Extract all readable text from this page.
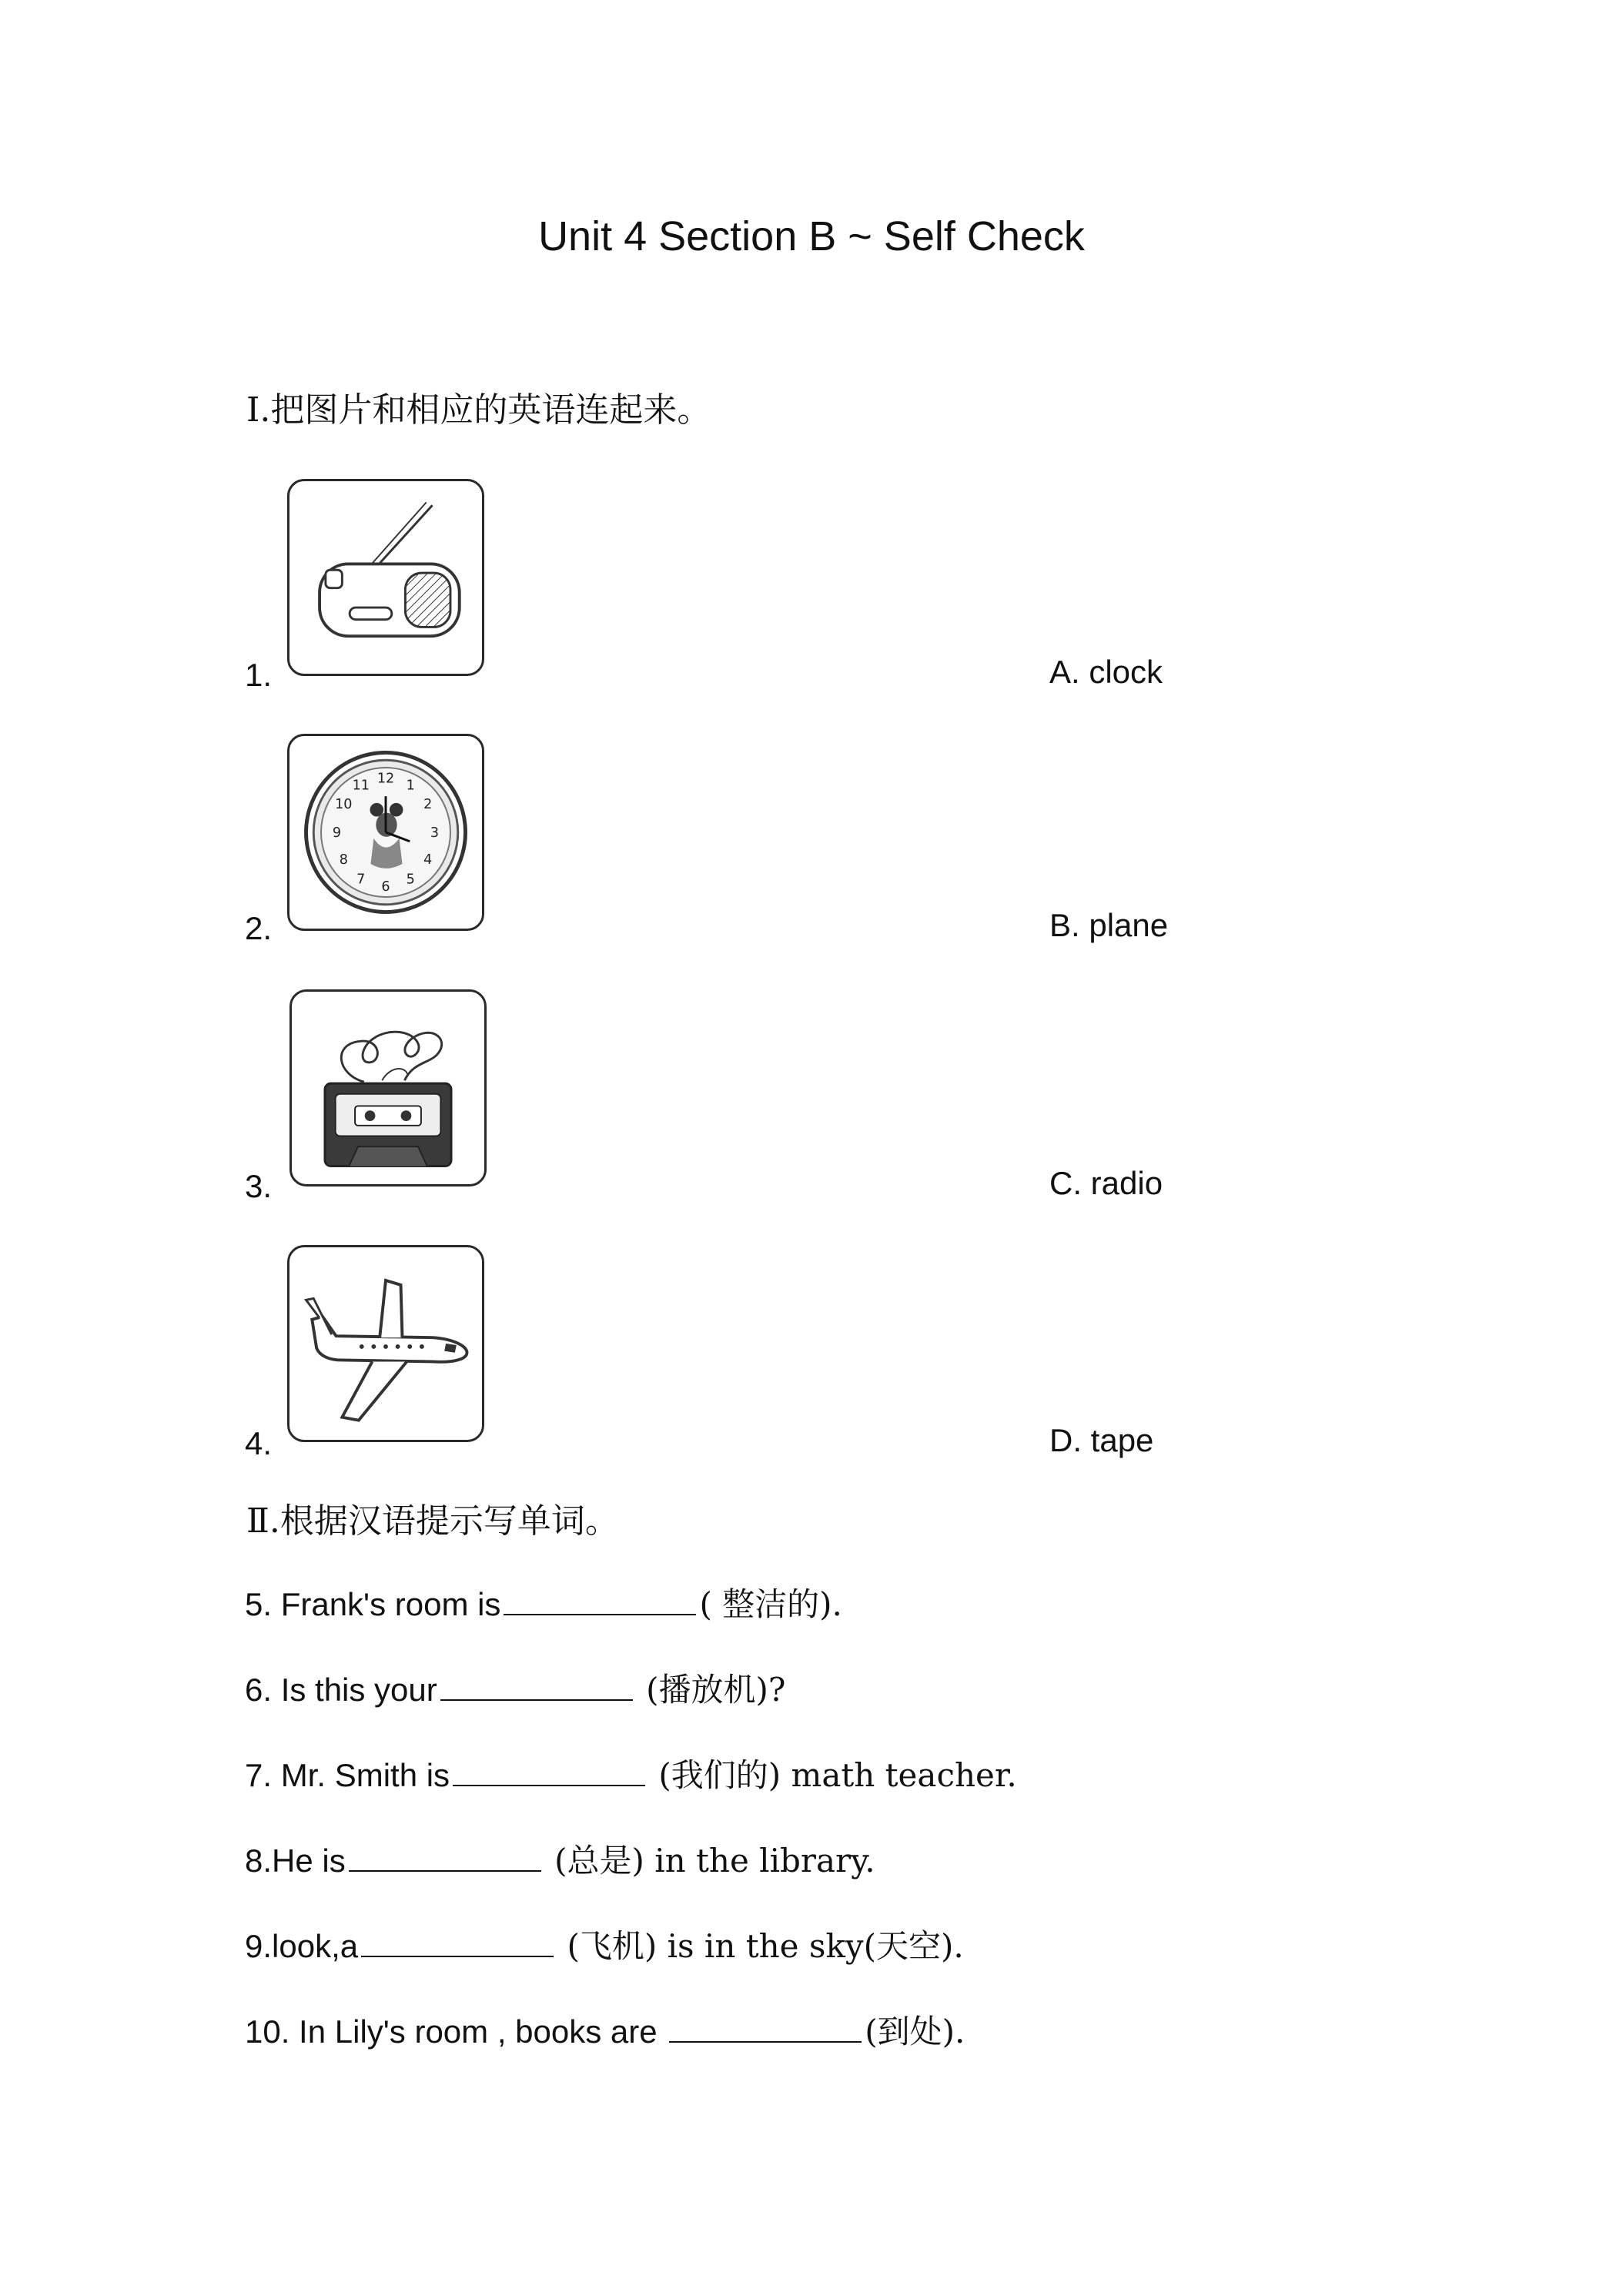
Unit 4 Section B ~ Self Check
Ⅰ.把图片和相应的英语连起来。
1.	A. clock
12 1
2
3
4
5
6
7
8
9
10
11
2.	B. plane
3.	C. radio
4.	D. tape
Ⅱ.根据汉语提示写单词。
5. Frank's room is	( 整洁的).
6. Is this your	(播放机)?
7. Mr. Smith is	(我们的) math teacher.
8.He is	(总是) in the library.
9.look,a	(飞机) is in the sky(天空).
10. In Lily's room , books are	(到处).
